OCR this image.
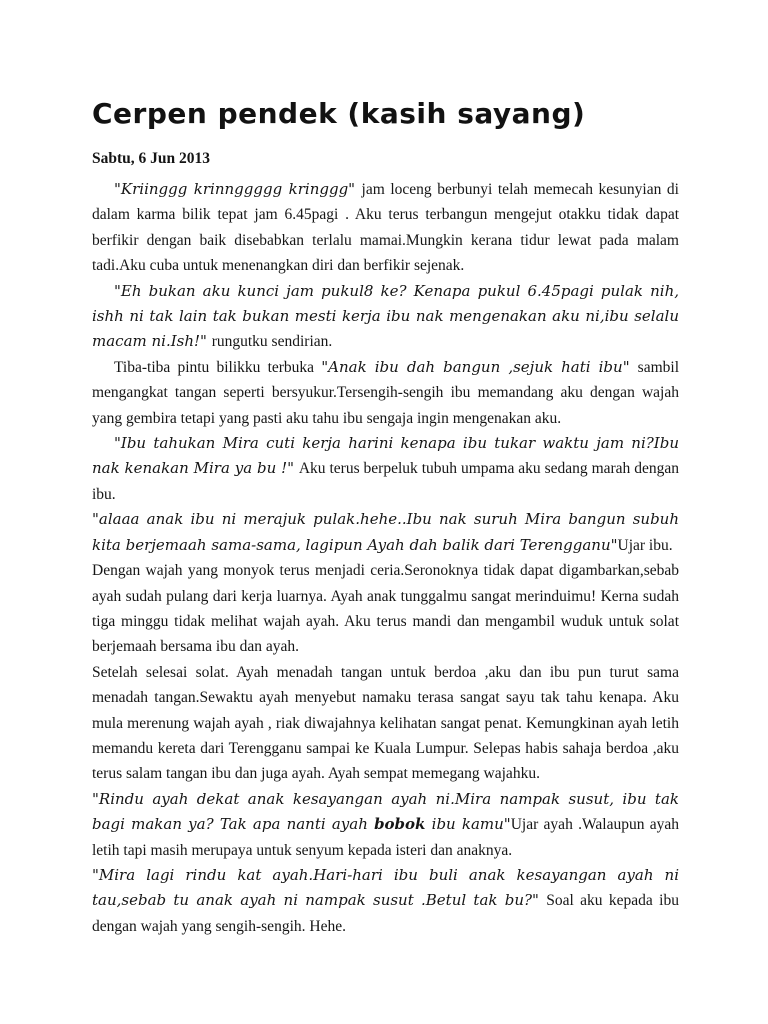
Cerpen pendek (kasih sayang)

Sabtu, 6 Jun 2013

"Kriinggg krinnggggg kringgg" jam loceng berbunyi telah memecah kesunyian di dalam karma bilik tepat jam 6.45pagi . Aku terus terbangun mengejut otakku tidak dapat berfikir dengan baik disebabkan terlalu mamai.Mungkin kerana tidur lewat pada malam tadi.Aku cuba untuk menenangkan diri dan berfikir sejenak.

"Eh bukan aku kunci jam pukul8 ke? Kenapa pukul 6.45pagi pulak nih, ishh ni tak lain tak bukan mesti kerja ibu nak mengenakan aku ni,ibu selalu macam ni.Ish!" rungutku sendirian.

Tiba-tiba pintu bilikku terbuka "Anak ibu dah bangun ,sejuk hati ibu" sambil mengangkat tangan seperti bersyukur.Tersengih-sengih ibu memandang aku dengan wajah yang gembira tetapi yang pasti aku tahu ibu sengaja ingin mengenakan aku.

"Ibu tahukan Mira cuti kerja harini kenapa ibu tukar waktu jam ni?Ibu nak kenakan Mira ya bu !" Aku terus berpeluk tubuh umpama aku sedang marah dengan ibu.

"alaaa anak ibu ni merajuk pulak.hehe..Ibu nak suruh Mira bangun subuh kita berjemaah sama-sama, lagipun Ayah dah balik dari Terengganu"Ujar ibu.

Dengan wajah yang monyok terus menjadi ceria.Seronoknya tidak dapat digambarkan,sebab ayah sudah pulang dari kerja luarnya. Ayah anak tunggalmu sangat merinduimu! Kerna sudah tiga minggu tidak melihat wajah ayah. Aku terus mandi dan mengambil wuduk untuk solat berjemaah bersama ibu dan ayah.

Setelah selesai solat. Ayah menadah tangan untuk berdoa ,aku dan ibu pun turut sama menadah tangan.Sewaktu ayah menyebut namaku terasa sangat sayu tak tahu kenapa. Aku mula merenung wajah ayah , riak diwajahnya kelihatan sangat penat. Kemungkinan ayah letih memandu kereta dari Terengganu sampai ke Kuala Lumpur. Selepas habis sahaja berdoa ,aku terus salam tangan ibu dan juga ayah. Ayah sempat memegang wajahku.

"Rindu ayah dekat anak kesayangan ayah ni.Mira nampak susut, ibu tak bagi makan ya? Tak apa nanti ayah bobok ibu kamu"Ujar ayah .Walaupun ayah letih tapi masih merupaya untuk senyum kepada isteri dan anaknya.

"Mira lagi rindu kat ayah.Hari-hari ibu buli anak kesayangan ayah ni tau,sebab tu anak ayah ni nampak susut .Betul tak bu?" Soal aku kepada ibu dengan wajah yang sengih-sengih. Hehe.
